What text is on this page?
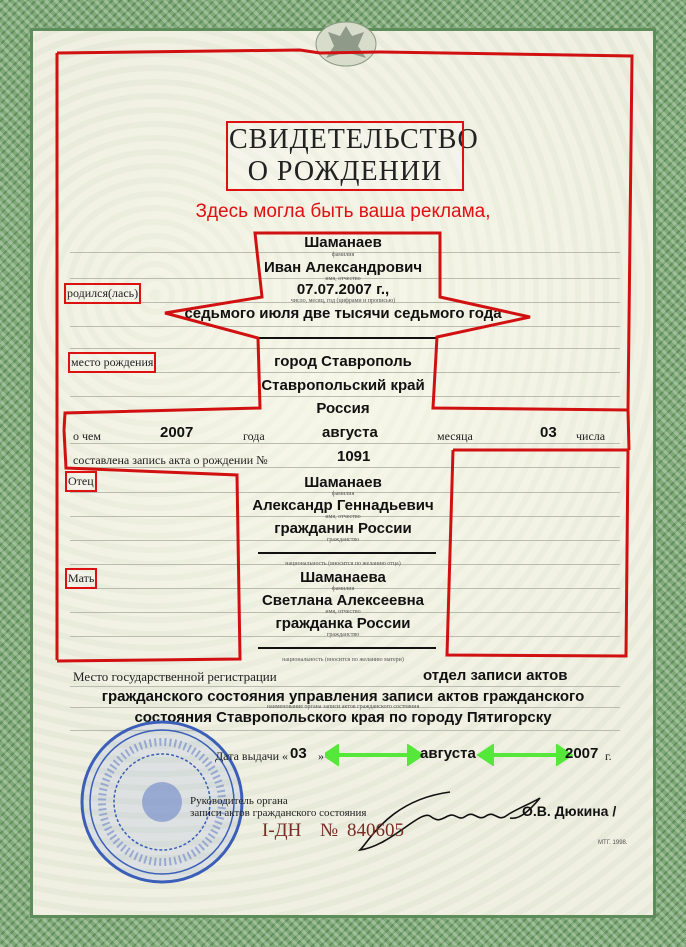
СВИДЕТЕЛЬСТВО
О РОЖДЕНИИ
Здесь могла быть ваша реклама,
Шаманаев
фамилия
Иван Александрович
имя, отчество
родился(лась)	07.07.2007 г.,
число, месяц, год (цифрами и прописью)
седьмого июля две тысячи седьмого года
место рождения	город Ставрополь
Ставропольский край
Россия
о чем	2007	года	августа	месяца	03 числа
составлена запись акта о рождении №	1091
Отец	Шаманаев
фамилия
Александр Геннадьевич
имя, отчество
гражданин России
гражданство
национальность (вносится по желанию отца)
Мать	Шаманаева
фамилия
Светлана Алексеевна
имя, отчество
гражданка России
гражданство
национальность (вносится по желанию матери)
Место государственной регистрации	отдел записи актов
гражданского состояния управления записи актов гражданского
наименование органа записи актов гражданского состояния
состояния Ставропольского края по городу Пятигорску
Дата выдачи « 03 »	августа	2007 г.
Руководитель органа
записи актов гражданского состояния	О.В. Дюкина /
I-ДН № 840605
МТГ. 1998.
